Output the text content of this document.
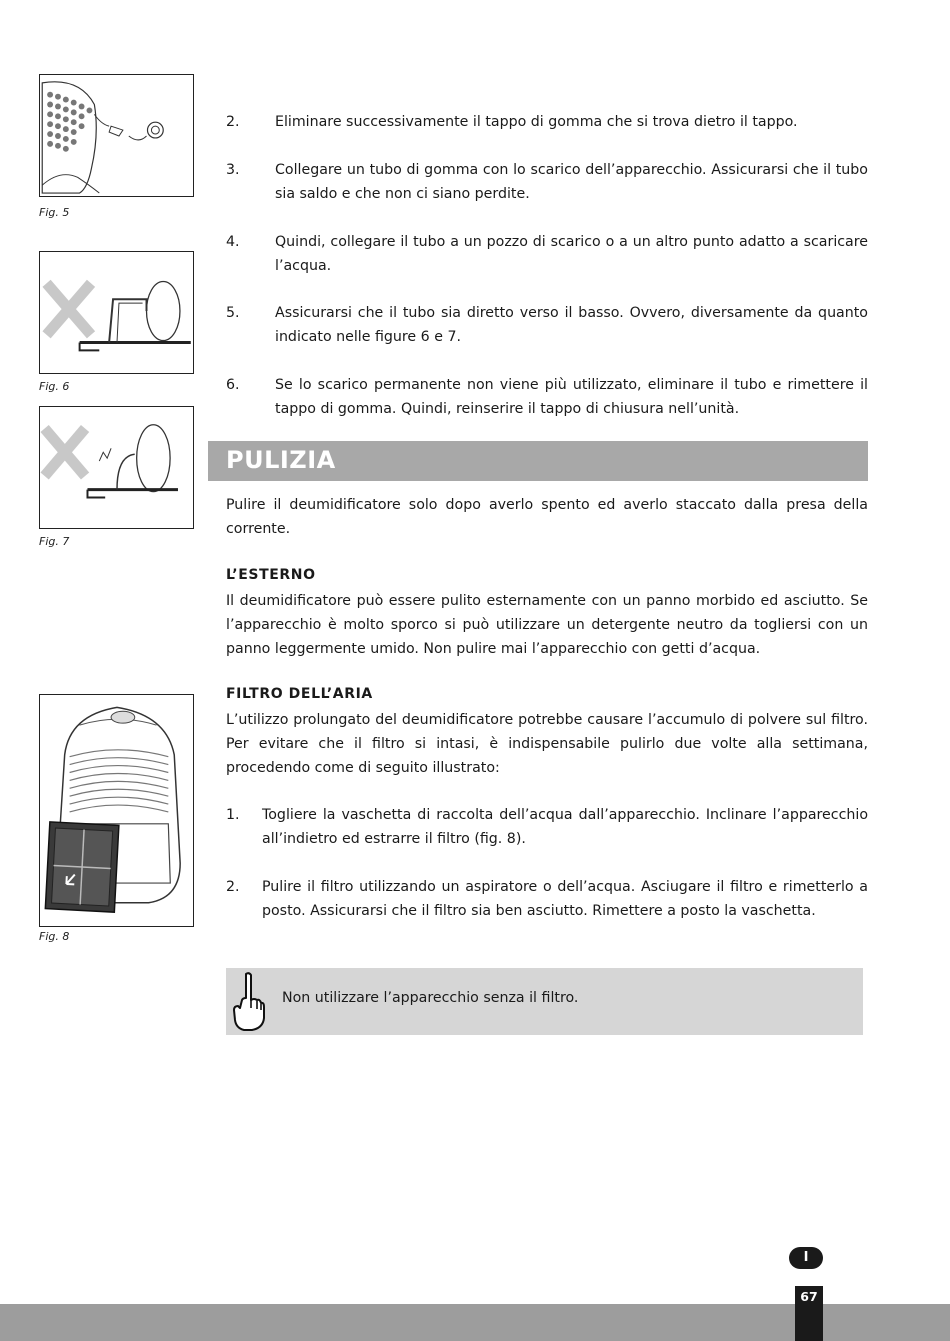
Fig. 5
Fig. 6
Fig. 7
Fig. 8
2. Eliminare successivamente il tappo di gomma che si trova dietro il tappo.
3. Collegare un tubo di gomma con lo scarico dell’apparecchio. Assicurarsi che il tubo sia saldo e che non ci siano perdite.
4. Quindi, collegare il tubo a un pozzo di scarico o a un altro punto adatto a scaricare l’acqua.
5. Assicurarsi che il tubo sia diretto verso il basso. Ovvero, diversamente da quanto indicato nelle figure 6 e 7.
6. Se lo scarico permanente non viene più utilizzato, eliminare il tubo e rimettere il tappo di gomma. Quindi, reinserire il tappo di chiusura nell’unità.
PULIZIA
Pulire il deumidificatore solo dopo averlo spento ed averlo staccato dalla presa della corrente.
L’ESTERNO
Il deumidificatore può essere pulito esternamente con un panno morbido ed asciutto. Se l’apparecchio è molto sporco si può utilizzare un detergente neutro da togliersi con un panno leggermente umido. Non pulire mai l’apparecchio con getti d’acqua.
FILTRO DELL’ARIA
L’utilizzo prolungato del deumidificatore potrebbe causare l’accumulo di polvere sul filtro. Per evitare che il filtro si intasi, è indispensabile pulirlo due volte alla settimana, procedendo come di seguito illustrato:
1. Togliere la vaschetta di raccolta dell’acqua dall’apparecchio. Inclinare l’apparecchio all’indietro ed estrarre il filtro (fig. 8).
2. Pulire il filtro utilizzando un aspiratore o dell’acqua. Asciugare il filtro e rimetterlo a posto. Assicurarsi che il filtro sia ben asciutto. Rimettere a posto la vaschetta.
Non utilizzare l’apparecchio senza il filtro.
I
67
